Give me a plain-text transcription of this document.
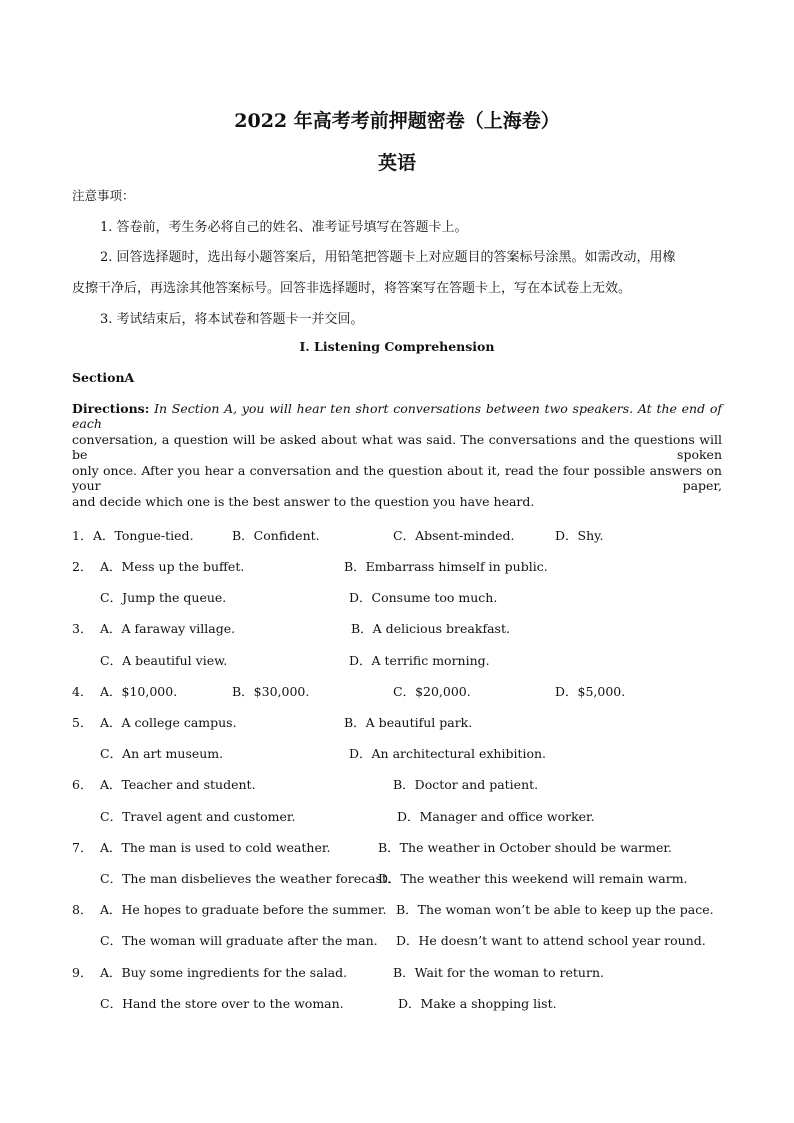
2022 年高考考前押题密卷（上海卷）
英语
注意事项：
1. 答卷前，考生务必将自己的姓名、准考证号填写在答题卡上。
2. 回答选择题时，选出每小题答案后，用铅笔把答题卡上对应题目的答案标号涂黑。如需改动，用橡
皮擦干净后，再选涂其他答案标号。回答非选择题时，将答案写在答题卡上，写在本试卷上无效。
3. 考试结束后，将本试卷和答题卡一并交回。
I. Listening Comprehension
SectionA
Directions: In Section A, you will hear ten short conversations between two speakers. At the end of each
conversation, a question will be asked about what was said. The conversations and the questions will be spoken
only once. After you hear a conversation and the question about it, read the four possible answers on your paper,
and decide which one is the best answer to the question you have heard.
1． A．Tongue-tied.	B．Confident.	C．Absent-minded.	D．Shy.
2． A．Mess up the buffet.	B．Embarrass himself in public.
C．Jump the queue.	D．Consume too much.
3． A．A faraway village.	B．A delicious breakfast.
C．A beautiful view.	D．A terrific morning.
4． A．$10,000.	B．$30,000.	C．$20,000.	D．$5,000.
5． A．A college campus.	B．A beautiful park.
C．An art museum.	D．An architectural exhibition.
6． A．Teacher and student.	B．Doctor and patient.
C．Travel agent and customer.	D．Manager and office worker.
7． A．The man is used to cold weather.	B．The weather in October should be warmer.
C．The man disbelieves the weather forecast.
D．The weather this weekend will remain warm.
8． A．He hopes to graduate before the summer. B．The woman won’t be able to keep up the pace.
C．The woman will graduate after the man. D．He doesn’t want to attend school year round.
9． A．Buy some ingredients for the salad.	B．Wait for the woman to return.
C．Hand the store over to the woman.	D．Make a shopping list.
